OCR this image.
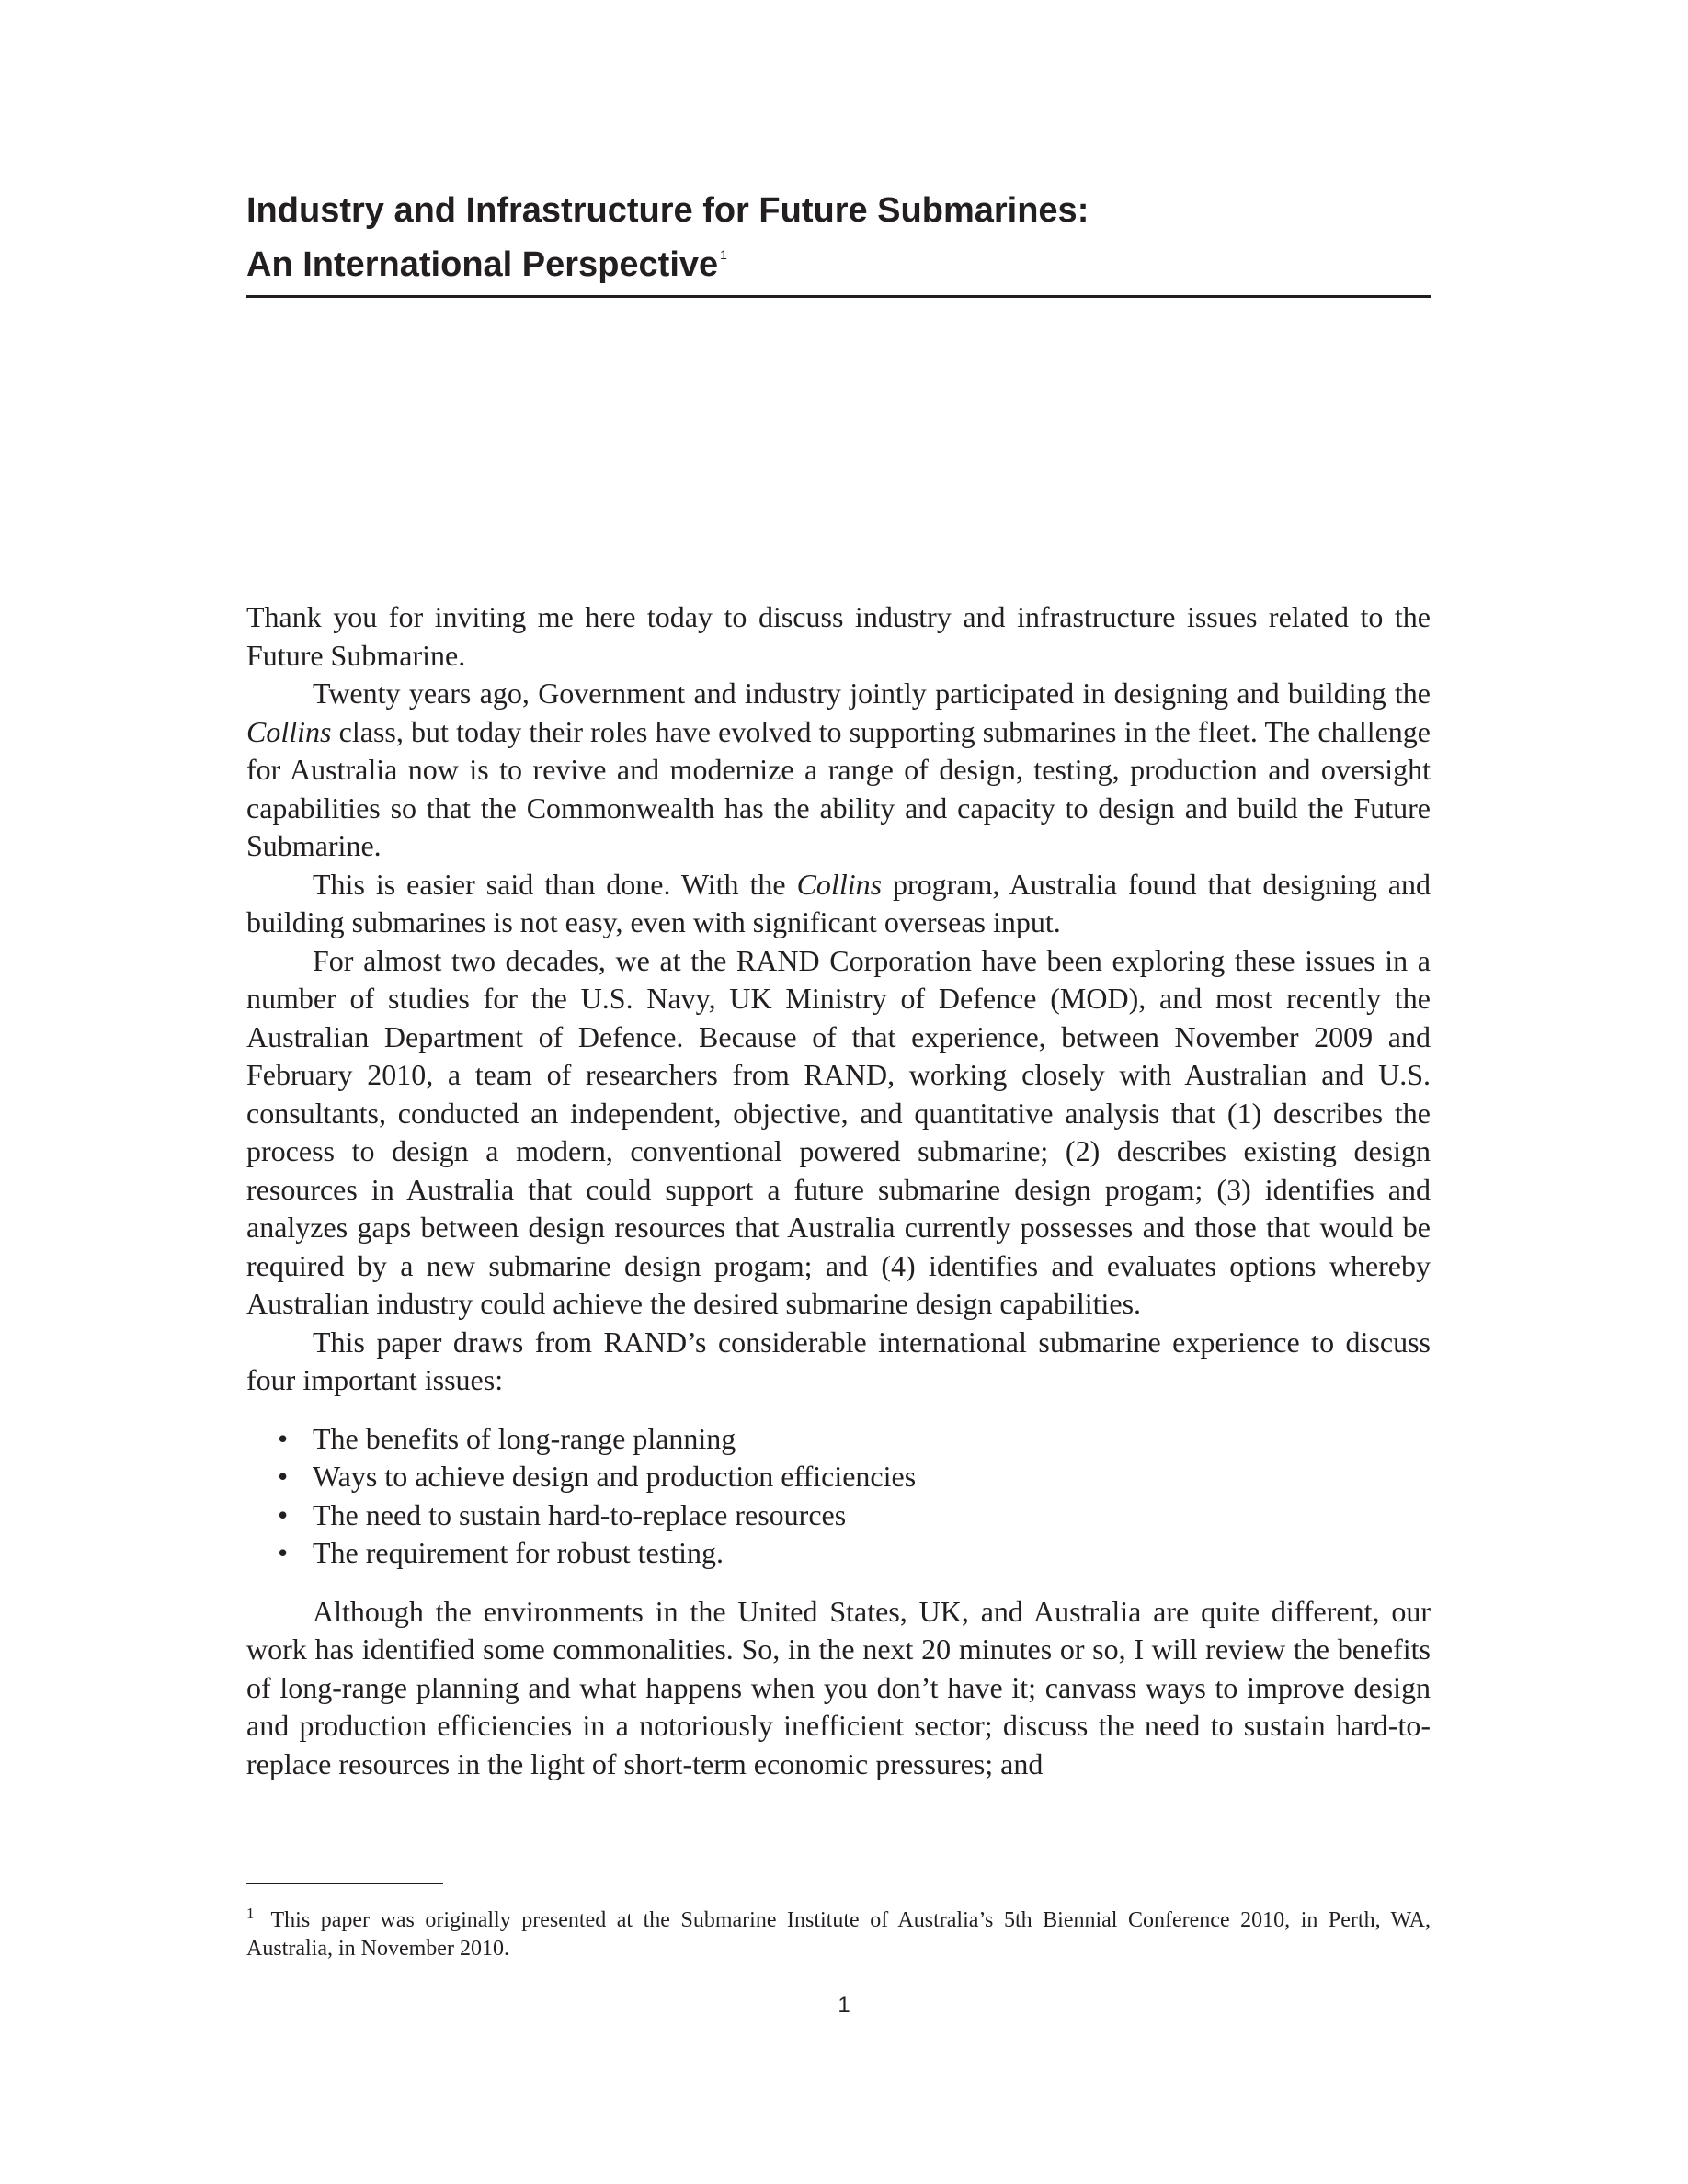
Industry and Infrastructure for Future Submarines:

An International Perspective $^1$

Thank you for inviting me here today to discuss industry and infrastructure issues related to the Future Submarine.

Twenty years ago, Government and industry jointly participated in designing and building the Collins class, but today their roles have evolved to supporting submarines in the fleet. The challenge for Australia now is to revive and modernize a range of design, testing, production and oversight capabilities so that the Commonwealth has the ability and capacity to design and build the Future Submarine.

This is easier said than done. With the Collins program, Australia found that designing and building submarines is not easy, even with significant overseas input.

For almost two decades, we at the RAND Corporation have been exploring these issues in a number of studies for the U.S. Navy, UK Ministry of Defence (MOD), and most recently the Australian Department of Defence. Because of that experience, between November 2009 and February 2010, a team of researchers from RAND, working closely with Australian and U.S. consultants, conducted an independent, objective, and quantitative analysis that (1) describes the process to design a modern, conventional powered submarine; (2) describes existing design resources in Australia that could support a future submarine design progam; (3) identifies and analyzes gaps between design resources that Australia currently possesses and those that would be required by a new submarine design progam; and (4) identifies and evaluates options whereby Australian industry could achieve the desired submarine design capabilities.

This paper draws from RAND’s considerable international submarine experience to discuss four important issues:

• The benefits of long-range planning
• Ways to achieve design and production efficiencies
• The need to sustain hard-to-replace resources
• The requirement for robust testing.

Although the environments in the United States, UK, and Australia are quite different, our work has identified some commonalities. So, in the next 20 minutes or so, I will review the benefits of long-range planning and what happens when you don’t have it; canvass ways to improve design and production efficiencies in a notoriously inefficient sector; discuss the need to sustain hard-to-replace resources in the light of short-term economic pressures; and

$^1$ This paper was originally presented at the Submarine Institute of Australia’s 5th Biennial Conference 2010, in Perth, WA, Australia, in November 2010.
1
